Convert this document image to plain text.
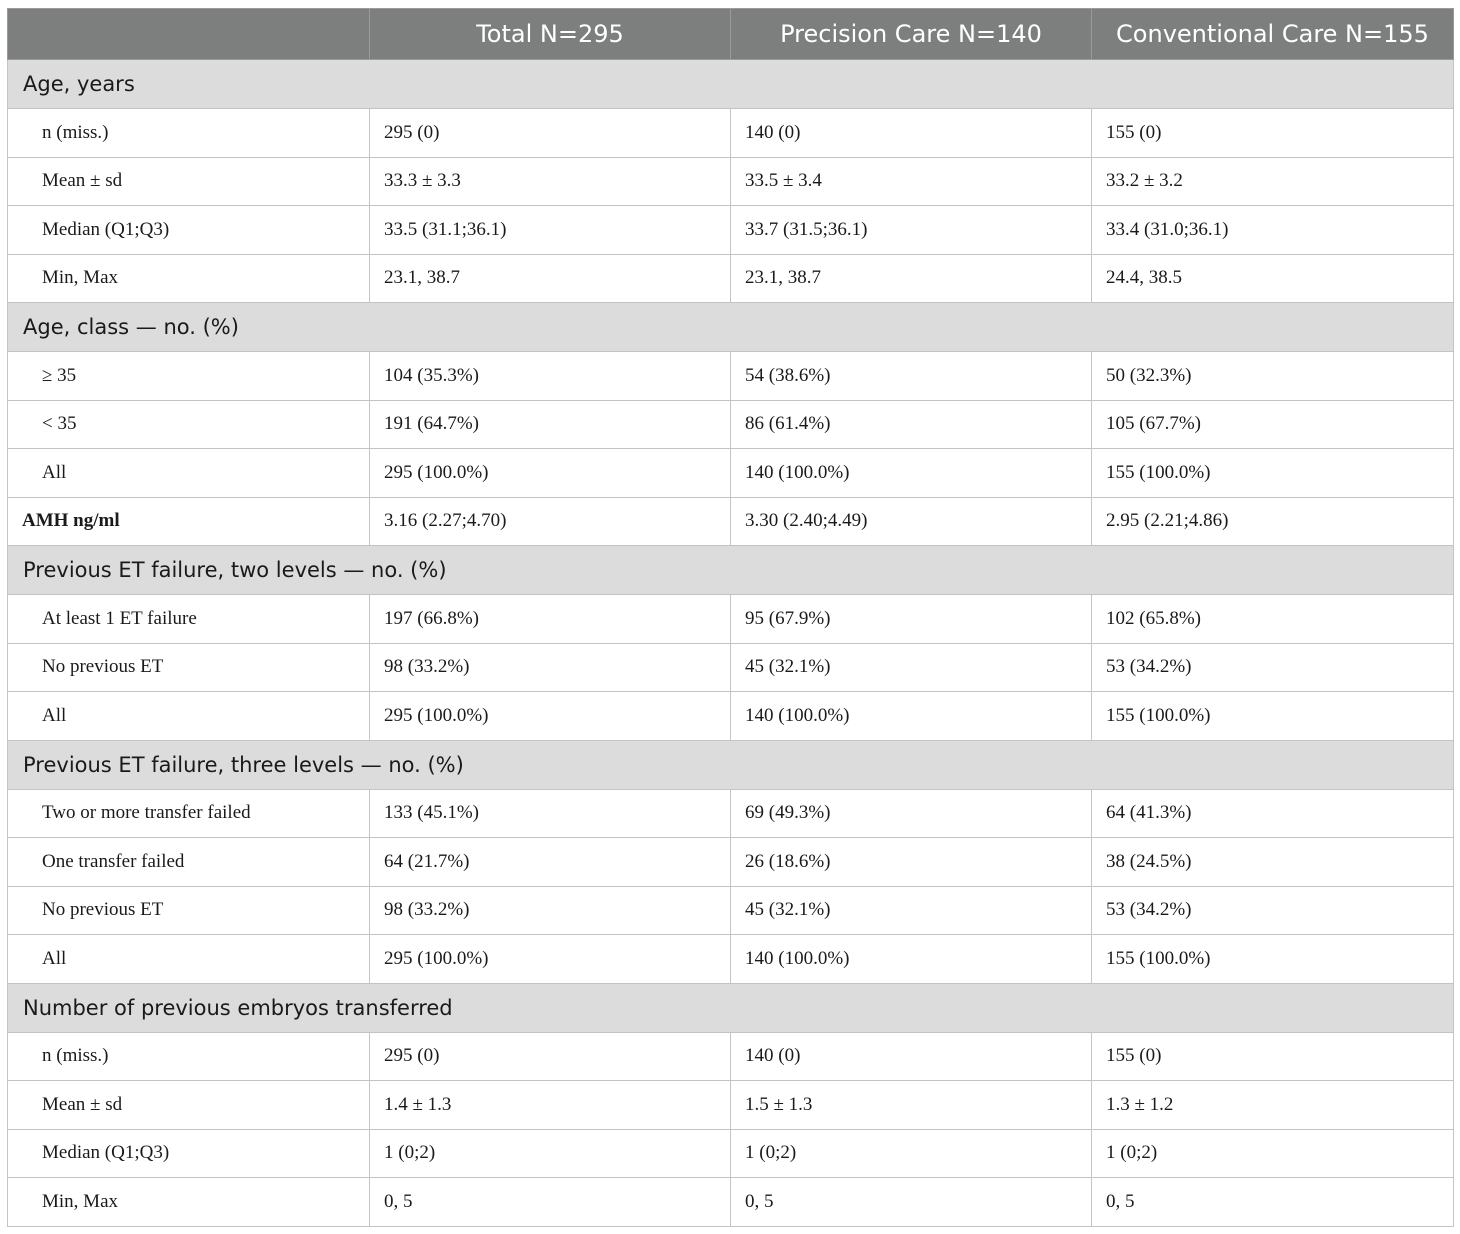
	Total N=295	Precision Care N=140	Conventional Care N=155
Age, years			
n (miss.)	295 (0)	140 (0)	155 (0)
Mean ± sd	33.3 ± 3.3	33.5 ± 3.4	33.2 ± 3.2
Median (Q1;Q3)	33.5 (31.1;36.1)	33.7 (31.5;36.1)	33.4 (31.0;36.1)
Min, Max	23.1, 38.7	23.1, 38.7	24.4, 38.5
Age, class — no. (%)			
≥ 35	104 (35.3%)	54 (38.6%)	50 (32.3%)
< 35	191 (64.7%)	86 (61.4%)	105 (67.7%)
All	295 (100.0%)	140 (100.0%)	155 (100.0%)
AMH ng/ml	3.16 (2.27;4.70)	3.30 (2.40;4.49)	2.95 (2.21;4.86)
Previous ET failure, two levels — no. (%)			
At least 1 ET failure	197 (66.8%)	95 (67.9%)	102 (65.8%)
No previous ET	98 (33.2%)	45 (32.1%)	53 (34.2%)
All	295 (100.0%)	140 (100.0%)	155 (100.0%)
Previous ET failure, three levels — no. (%)			
Two or more transfer failed	133 (45.1%)	69 (49.3%)	64 (41.3%)
One transfer failed	64 (21.7%)	26 (18.6%)	38 (24.5%)
No previous ET	98 (33.2%)	45 (32.1%)	53 (34.2%)
All	295 (100.0%)	140 (100.0%)	155 (100.0%)
Number of previous embryos transferred			
n (miss.)	295 (0)	140 (0)	155 (0)
Mean ± sd	1.4 ± 1.3	1.5 ± 1.3	1.3 ± 1.2
Median (Q1;Q3)	1 (0;2)	1 (0;2)	1 (0;2)
Min, Max	0, 5	0, 5	0, 5
